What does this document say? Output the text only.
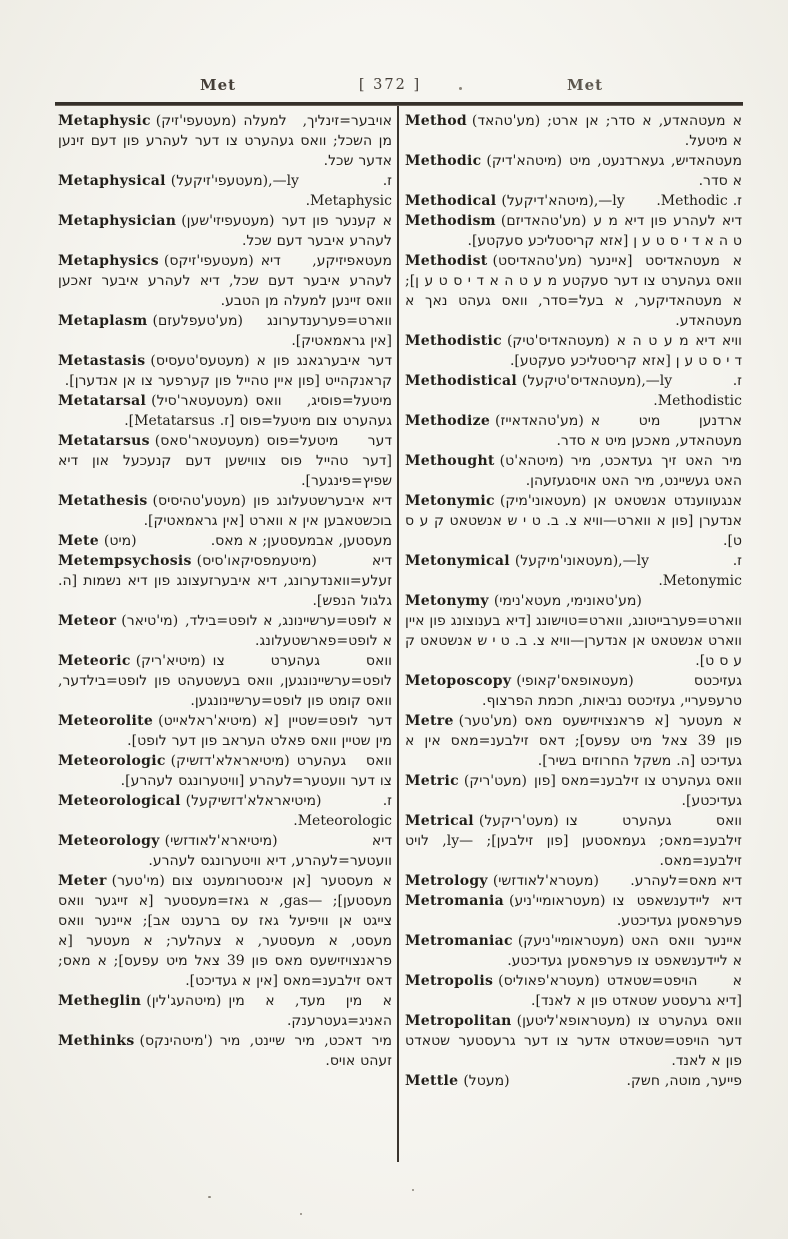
Met	[ 372 ]	Met
Metaphysic (מעטעפי'זיק) אויבער=זינליך, למעלה מן השכל; וואס געהערט צו דער לעהרע פון דעם זינען אדער שכל.
Metaphysical (מעטעפי'זיקעל),—ly	ז. Metaphysic.
Metaphysician (מעטעפיזי'שען) א קענער פון דער לעהרע איבער דעם שכל.
Metaphysics (מעטעפי'זיקס) מעטאפיזיקע, דיא לעהרע איבער דעם שכל, דיא לעהרע איבער זאכען וואס זיינען למעלה מן הטבע.
Metaplasm (מע'טעפלעזם) ווארט=פערענדערונג [אין גראמאטיק].
Metastasis (מעטעס'טעסיס) דער איבערגאנג פון א קראנקהייט [פון איין טהייל פון קערפער צו אן אנדערן].
Metatarsal (מעטעטאר'סיל) מיטעל=פוסיג, וואס געהערט צום מיטעל=פוס [ז. Metatarsus].
Metatarsus (מעטעטאר'סאס) דער מיטעל=פוס [דער טהייל פוס צווישען דעם קנעכעל און דיא שפיץ=פינגער].
Metathesis (מעטע'טהיסיס) דיא איבערשטעלונג פון בוכשטאבען אין א ווארט [אין גראמאטיק].
Mete (מיט)	מעסטען, אבמעסטען; א מאס.
Metempsychosis (מיטעמפסיקאו'סיס)	דיא זעלע=וואנדערונג, דיא איבערזעצונג פון דיא נשמות [ה. גלגול הנפש].
Meteor (מי'טיאר) א לופט=ערשיינונג, א לופט=בילד, א לופט=פארשטעלונג.
Meteoric (מיטיא'ריק) וואס געהערט צו לופט=ערשיינונגען, וואס בעשטעהט פון לופט=בילדער, וואס קומט פון לופט=ערשיינונגען.
Meteorolite (מיטיא'ראלאייט) דער לופט=שטיין [א מין שטיין וואס פאלט העראב פון דער לופט].
Meteorologic (מיטיאראלא'דזשיק) וואס געהערט צו דער וועטער=לעהרע [וויטערונגס לעהרע].
Meteorological (מיטיאראלא'דזשיקעל)	ז. Meteorologic.
Meteorology (מיטיארא'לאודזשי)	דיא וועטער=לעהרע, דיא וויטערונגס לעהרע.
Meter (מי'טער) א מעסטער [אן אינסטרומענט צום מעסטען]; —gas, א גאז=מעסטער [א זייגער וואס צייגט אן וויפיעל גאז עס ברענט אב]; איינער וואס מעסט, א מעסטער, א צעהלער; א מעטער [א פראנצויזישעס מאס פון 39 צאל מיט עפעס]; א מאס; דאס זילבענ=מאס [אין א געדיכט].
Metheglin (מיטהעג'לין) א מין מעד, א מין האניג=געטרענק.
Methinks (מיטהינקס') מיר דאכט, מיר שיינט, מיר זעהט אויס.
Method (מע'טהאד) א מעטהאדע, א סדר; אן ארט; א מיטעל.
Methodic (מיטהא'דיק) מעטהאדיש, געארדנעט, מיט א סדר.
Methodical (מיטהא'דיקעל),—ly ז. Methodic.
Methodism (מע'טהאדיזם) דיא לעהרע פון דיא מ ע ט ה א ד י ס ט ע ן [אזא קריסטליכע סעקטע].
Methodist (מע'טהאדיסט) א מעטהאדיסט [איינער וואס געהערט צו דער סעקטע מ ע ט ה א ד י ס ט ע ן]; א מעטהאדיקער, א בעל=סדר, וואס געהט נאך א מעטהאדע.
Methodistic (מעטהאדיס'טיק) וויא דיא מ ע ט ה א ד י ס ט ע ן [אזא קריסטליכע סעקטע].
Methodistical (מעטהאדיס'טיקעל),—ly	ז. Methodistic.
Methodize (מע'טהאדאייז) ארדנען מיט א מעטהאדע, מאכען מיט א סדר.
Methought (מיטהא'ט) מיר האט זיך געדאכט, מיר האט געשיינט, מיר האט אויסגעזעהן.
Metonymic (מעטאוני'מיק) אנגעווענדט אנשטאט אן אנדערן [פון א ווארט—וויא צ. ב. ט י ש אנשטאט ק ע ס ט].
Metonymical (מעטאוני'מיקעל),—ly	ז. Metonymic.
Metonymy (מע'טאונימי, מעטא'נימי)
ווארט=פערבייטונג, ווארט=טוישונג [דיא בענוצונג פון איין ווארט אנשטאט אן אנדערן—וויא צ. ב. ט י ש אנשטאט ק ע ס ט].
Metoposcopy (מעטאופאס'קאופי)	געזיכטס טרעפעריי, געזיכטס נביאות, חכמת הפרצוף.
Metre (מע'טער) א מעטער [א פראנצויזישעס מאס פון 39 צאל מיט עפעס]; דאס זילבענ=מאס אין א געדיכט [ה. משקל החרוזים בשיר].
Metric (מעט'ריק) וואס געהערט צו זילבענ=מאס [פון געדיכטע].
Metrical (מעט'ריקעל) וואס געהערט צו זילבענ=מאס; געמאסטען [פון זילבען]; —ly, לויט זילבענ=מאס.
Metrology (מעטרא'לאודזשי) דיא מאס=לעהרע.
Metromania (מעטראומיי'ניע) דיא ליידענשאפט צו פערפאסען געדיכטע.
Metromaniac (מעטראומיי'ניעק) איינער וואס האט א ליידענשאפט צו פערפאסען געדיכטע.
Metropolis (מעטרא'פאוליס) א הויפט=שטאדט [דיא גרעסטע שטאדט פון א לאנד].
Metropolitan (מעטראופא'ליטען) וואס געהערט צו דער הויפט=שטאדט אדער צו דער גרעסטער שטאדט פון א לאנד.
Mettle (מעטל)	פייער, מוטה, חשק.
